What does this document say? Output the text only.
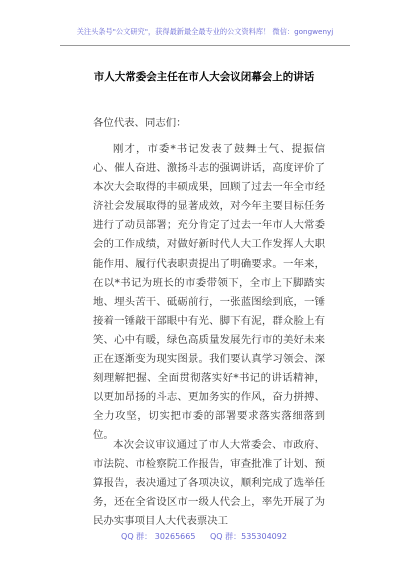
关注头条号"公文研究"，获得最新最全最专业的公文资料库！ 微信：gongwenyj
市人大常委会主任在市人大会议闭幕会上的讲话
各位代表、同志们：

刚才，市委*书记发表了鼓舞士气、提振信心、催人奋进、激扬斗志的强调讲话，高度评价了本次大会取得的丰硕成果，回顾了过去一年全市经济社会发展取得的显著成效，对今年主要目标任务进行了动员部署；充分肯定了过去一年市人大常委会的工作成绩，对做好新时代人大工作发挥人大职能作用、履行代表职责提出了明确要求。一年来，在以*书记为班长的市委带领下，全市上下脚踏实地、埋头苦干、砥砺前行，一张蓝图绘到底，一锤接着一锤敲干部眼中有光、脚下有泥，群众脸上有笑、心中有暖，绿色高质量发展先行市的美好未来正在逐渐变为现实图景。我们要认真学习领会、深刻理解把握、全面贯彻落实好*书记的讲话精神，以更加昂扬的斗志、更加务实的作风，奋力拼搏、全力攻坚，切实把市委的部署要求落实落细落到位。

本次会议审议通过了市人大常委会、市政府、市法院、市检察院工作报告，审查批准了计划、预算报告，表决通过了各项决议，顺利完成了选举任务，还在全省设区市一级人代会上，率先开展了为民办实事项目人大代表票决工

QQ 群： 30265665 QQ 群：535304092
